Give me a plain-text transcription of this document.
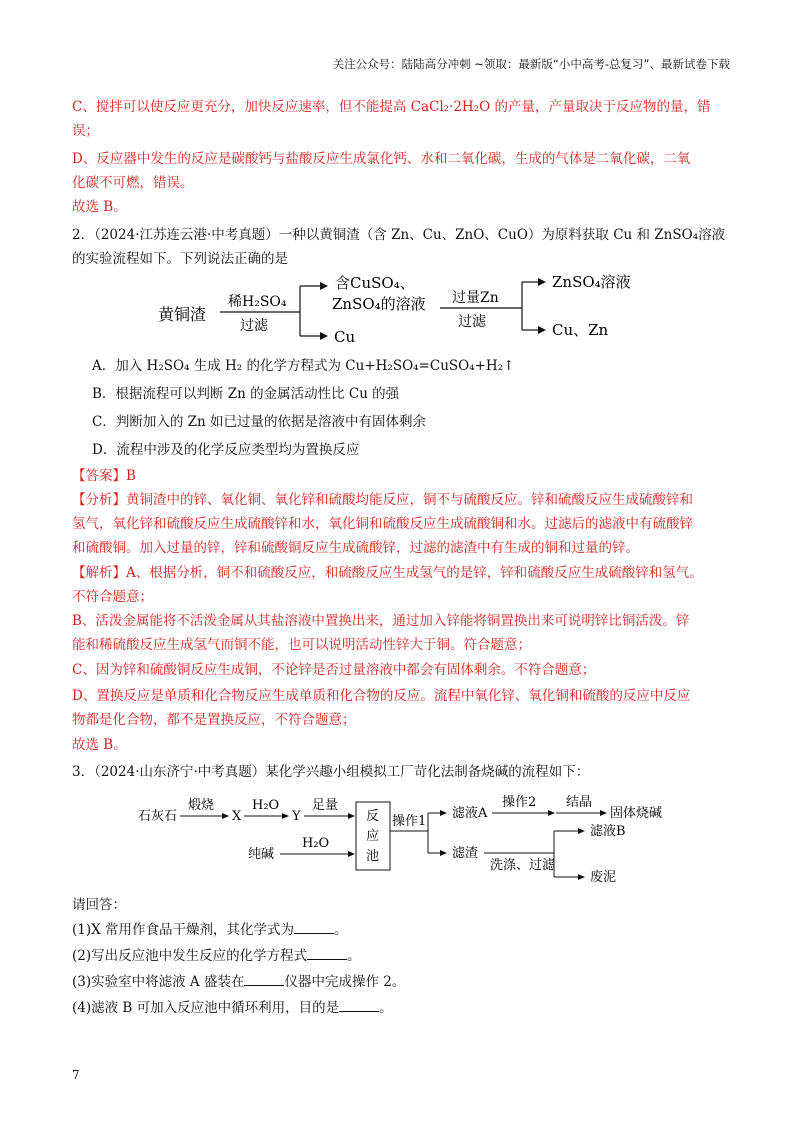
关注公众号：陆陆高分冲刺 ~领取：最新版“小中高考-总复习”、最新试卷下载
C、搅拌可以使反应更充分，加快反应速率，但不能提高 CaCl₂·2H₂O 的产量，产量取决于反应物的量，错
误；
D、反应器中发生的反应是碳酸钙与盐酸反应生成氯化钙、水和二氧化碳，生成的气体是二氧化碳，二氧
化碳不可燃，错误。
故选 B。
2．（2024·江苏连云港·中考真题）一种以黄铜渣（含 Zn、Cu、ZnO、CuO）为原料获取 Cu 和 ZnSO₄溶液
的实验流程如下。下列说法正确的是
黄铜渣
稀H₂SO₄
过滤
含CuSO₄、
ZnSO₄的溶液
Cu
过量Zn
过滤
ZnSO₄溶液
Cu、Zn
A．加入 H₂SO₄ 生成 H₂ 的化学方程式为 Cu+H₂SO₄=CuSO₄+H₂↑
B．根据流程可以判断 Zn 的金属活动性比 Cu 的强
C．判断加入的 Zn 如已过量的依据是溶液中有固体剩余
D．流程中涉及的化学反应类型均为置换反应
【答案】B
【分析】黄铜渣中的锌、氧化铜、氧化锌和硫酸均能反应，铜不与硫酸反应。锌和硫酸反应生成硫酸锌和
氢气，氧化锌和硫酸反应生成硫酸锌和水，氧化铜和硫酸反应生成硫酸铜和水。过滤后的滤液中有硫酸锌
和硫酸铜。加入过量的锌，锌和硫酸铜反应生成硫酸锌，过滤的滤渣中有生成的铜和过量的锌。
【解析】A、根据分析，铜不和硫酸反应，和硫酸反应生成氢气的是锌，锌和硫酸反应生成硫酸锌和氢气。
不符合题意；
B、活泼金属能将不活泼金属从其盐溶液中置换出来，通过加入锌能将铜置换出来可说明锌比铜活泼。锌
能和稀硫酸反应生成氢气而铜不能，也可以说明活动性锌大于铜。符合题意；
C、因为锌和硫酸铜反应生成铜，不论锌是否过量溶液中都会有固体剩余。不符合题意；
D、置换反应是单质和化合物反应生成单质和化合物的反应。流程中氧化锌、氧化铜和硫酸的反应中反应
物都是化合物，都不是置换反应，不符合题意；
故选 B。
3．（2024·山东济宁·中考真题）某化学兴趣小组模拟工厂苛化法制备烧碱的流程如下：
石灰石
煅烧
X
H₂O
Y
足量
反
应
池
纯碱
H₂O
操作1
滤液A
操作2 结晶
固体烧碱
滤渣
洗涤、过滤
滤液B
废泥
请回答：
(1)X 常用作食品干燥剂，其化学式为	。
(2)写出反应池中发生反应的化学方程式	。
(3)实验室中将滤液 A 盛装在	仪器中完成操作 2。
(4)滤液 B 可加入反应池中循环利用，目的是	。
7
